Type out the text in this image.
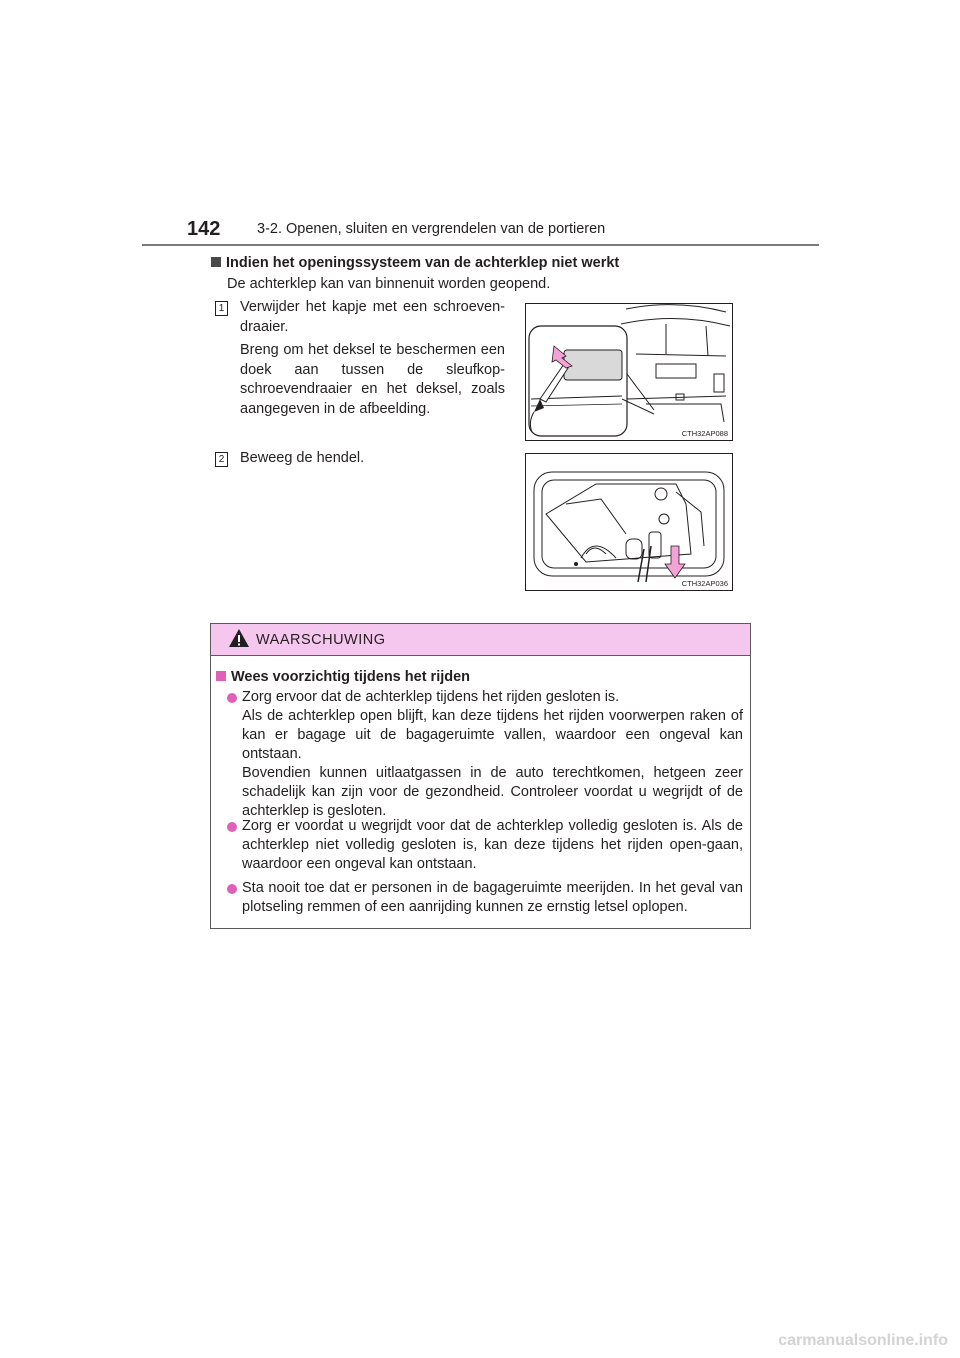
142	3-2. Openen, sluiten en vergrendelen van de portieren
Indien het openingssysteem van de achterklep niet werkt
De achterklep kan van binnenuit worden geopend.
1 Verwijder het kapje met een schroeven-draaier.
Breng om het deksel te beschermen een doek aan tussen de sleufkop-schroevendraaier en het deksel, zoals aangegeven in de afbeelding.
CTH32AP088
2 Beweeg de hendel.
CTH32AP036
WAARSCHUWING
Wees voorzichtig tijdens het rijden
Zorg ervoor dat de achterklep tijdens het rijden gesloten is.
Als de achterklep open blijft, kan deze tijdens het rijden voorwerpen raken of kan er bagage uit de bagageruimte vallen, waardoor een ongeval kan ontstaan.
Bovendien kunnen uitlaatgassen in de auto terechtkomen, hetgeen zeer schadelijk kan zijn voor de gezondheid. Controleer voordat u wegrijdt of de achterklep is gesloten.
Zorg er voordat u wegrijdt voor dat de achterklep volledig gesloten is. Als de achterklep niet volledig gesloten is, kan deze tijdens het rijden open-gaan, waardoor een ongeval kan ontstaan.
Sta nooit toe dat er personen in de bagageruimte meerijden. In het geval van plotseling remmen of een aanrijding kunnen ze ernstig letsel oplopen.
carmanualsonline.info
